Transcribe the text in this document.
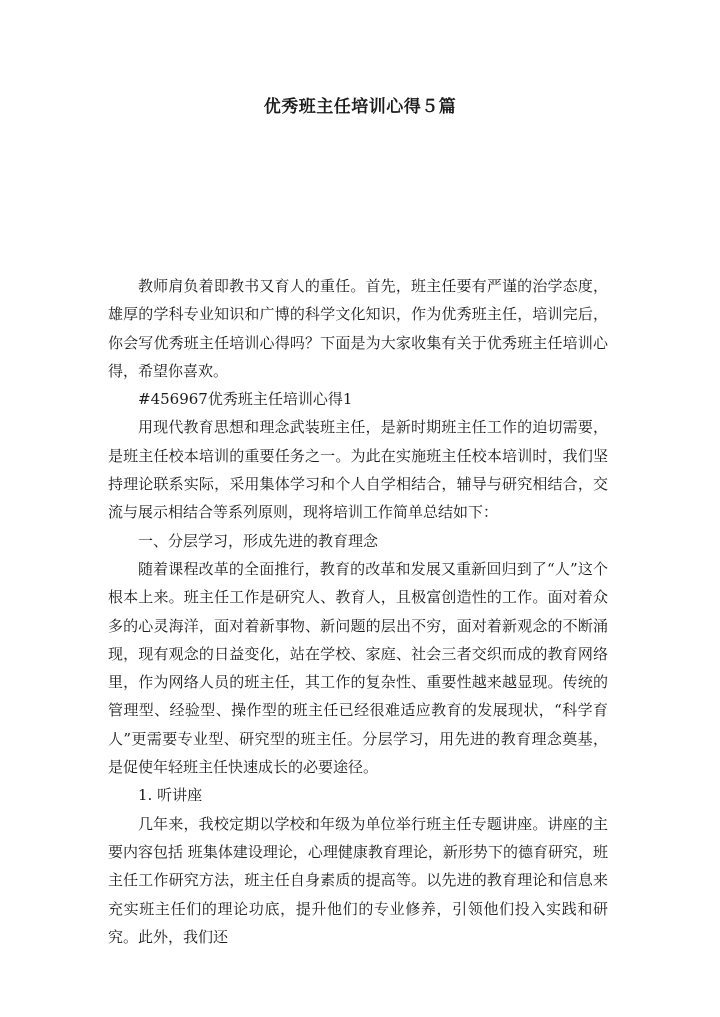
优秀班主任培训心得５篇

教师肩负着即教书又育人的重任。首先，班主任要有严谨的治学态度，雄厚的学科专业知识和广博的科学文化知识，作为优秀班主任，培训完后，你会写优秀班主任培训心得吗？下面是为大家收集有关于优秀班主任培训心得，希望你喜欢。

#456967优秀班主任培训心得1

用现代教育思想和理念武装班主任，是新时期班主任工作的迫切需要，是班主任校本培训的重要任务之一。为此在实施班主任校本培训时，我们坚持理论联系实际，采用集体学习和个人自学相结合，辅导与研究相结合，交流与展示相结合等系列原则，现将培训工作简单总结如下：

一、分层学习，形成先进的教育理念

随着课程改革的全面推行，教育的改革和发展又重新回归到了“人”这个根本上来。班主任工作是研究人、教育人，且极富创造性的工作。面对着众多的心灵海洋，面对着新事物、新问题的层出不穷，面对着新观念的不断涌现，现有观念的日益变化，站在学校、家庭、社会三者交织而成的教育网络里，作为网络人员的班主任，其工作的复杂性、重要性越来越显现。传统的管理型、经验型、操作型的班主任已经很难适应教育的发展现状，“科学育人”更需要专业型、研究型的班主任。分层学习，用先进的教育理念奠基，是促使年轻班主任快速成长的必要途径。

1. 听讲座

几年来，我校定期以学校和年级为单位举行班主任专题讲座。讲座的主要内容包括 班集体建设理论，心理健康教育理论，新形势下的德育研究，班主任工作研究方法，班主任自身素质的提高等。以先进的教育理论和信息来充实班主任们的理论功底，提升他们的专业修养，引领他们投入实践和研究。此外，我们还
